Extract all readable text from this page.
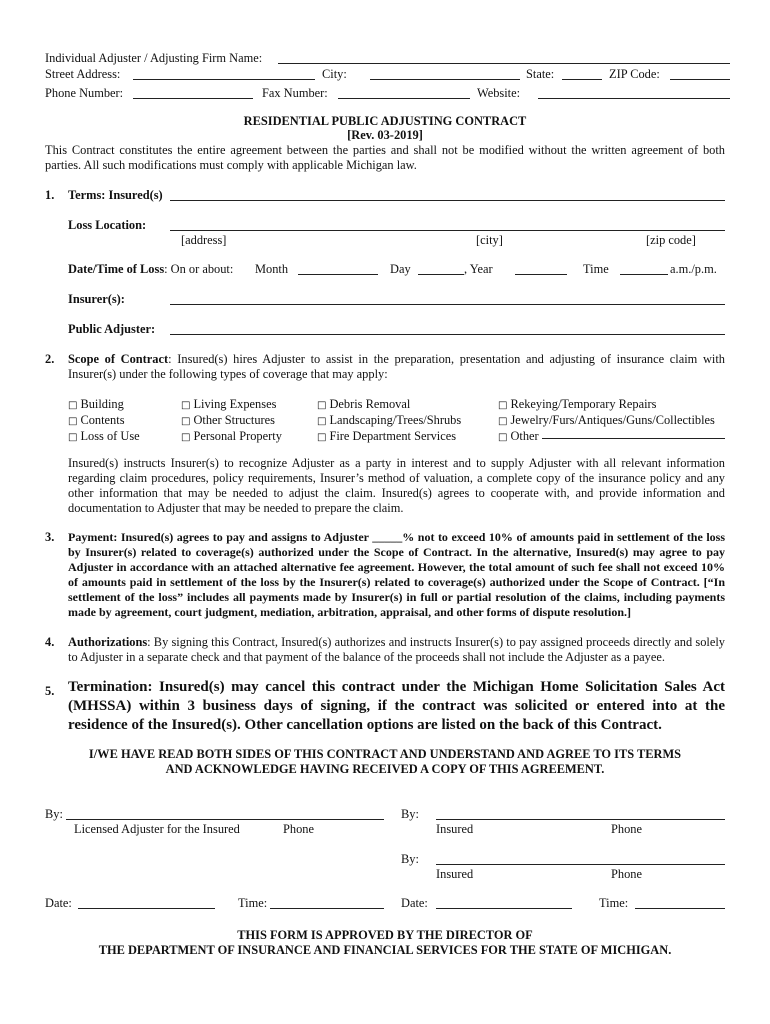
Individual Adjuster / Adjusting Firm Name:
Street Address:	City:	State:	ZIP Code:
Phone Number:	Fax Number:	Website:
RESIDENTIAL PUBLIC ADJUSTING CONTRACT
[Rev. 03-2019]
This Contract constitutes the entire agreement between the parties and shall not be modified without the written agreement of both parties. All such modifications must comply with applicable Michigan law.
1. Terms: Insured(s)
Loss Location:
[address]	[city]	[zip code]
Date/Time of Loss: On or about: Month	Day	, Year	Time	a.m./p.m.
Insurer(s):
Public Adjuster:
2. Scope of Contract: Insured(s) hires Adjuster to assist in the preparation, presentation and adjusting of insurance claim with Insurer(s) under the following types of coverage that may apply:
□ Building
□ Contents
□ Loss of Use
□ Living Expenses
□ Other Structures
□ Personal Property
□ Debris Removal
□ Landscaping/Trees/Shrubs
□ Fire Department Services
□ Rekeying/Temporary Repairs
□ Jewelry/Furs/Antiques/Guns/Collectibles
□ Other
Insured(s) instructs Insurer(s) to recognize Adjuster as a party in interest and to supply Adjuster with all relevant information regarding claim procedures, policy requirements, Insurer’s method of valuation, a complete copy of the insurance policy and any other information that may be needed to adjust the claim. Insured(s) agrees to cooperate with, and provide information and documentation to Adjuster that may be needed to prepare the claim.
3. Payment: Insured(s) agrees to pay and assigns to Adjuster _____% not to exceed 10% of amounts paid in settlement of the loss by Insurer(s) related to coverage(s) authorized under the Scope of Contract. In the alternative, Insured(s) may agree to pay Adjuster in accordance with an attached alternative fee agreement. However, the total amount of such fee shall not exceed 10% of amounts paid in settlement of the loss by the Insurer(s) related to coverage(s) authorized under the Scope of Contract. [“In settlement of the loss” includes all payments made by Insurer(s) in full or partial resolution of the claims, including payments made by agreement, court judgment, mediation, arbitration, appraisal, and other forms of dispute resolution.]
4. Authorizations: By signing this Contract, Insured(s) authorizes and instructs Insurer(s) to pay assigned proceeds directly and solely to Adjuster in a separate check and that payment of the balance of the proceeds shall not include the Adjuster as a payee.
5. Termination: Insured(s) may cancel this contract under the Michigan Home Solicitation Sales Act (MHSSA) within 3 business days of signing, if the contract was solicited or entered into at the residence of the Insured(s). Other cancellation options are listed on the back of this Contract.
I/WE HAVE READ BOTH SIDES OF THIS CONTRACT AND UNDERSTAND AND AGREE TO ITS TERMS
AND ACKNOWLEDGE HAVING RECEIVED A COPY OF THIS AGREEMENT.
By:
Licensed Adjuster for the Insured	Phone
By:
Insured	Phone
By:
Insured	Phone
Date:	Time:	Date:	Time:
THIS FORM IS APPROVED BY THE DIRECTOR OF
THE DEPARTMENT OF INSURANCE AND FINANCIAL SERVICES FOR THE STATE OF MICHIGAN.
